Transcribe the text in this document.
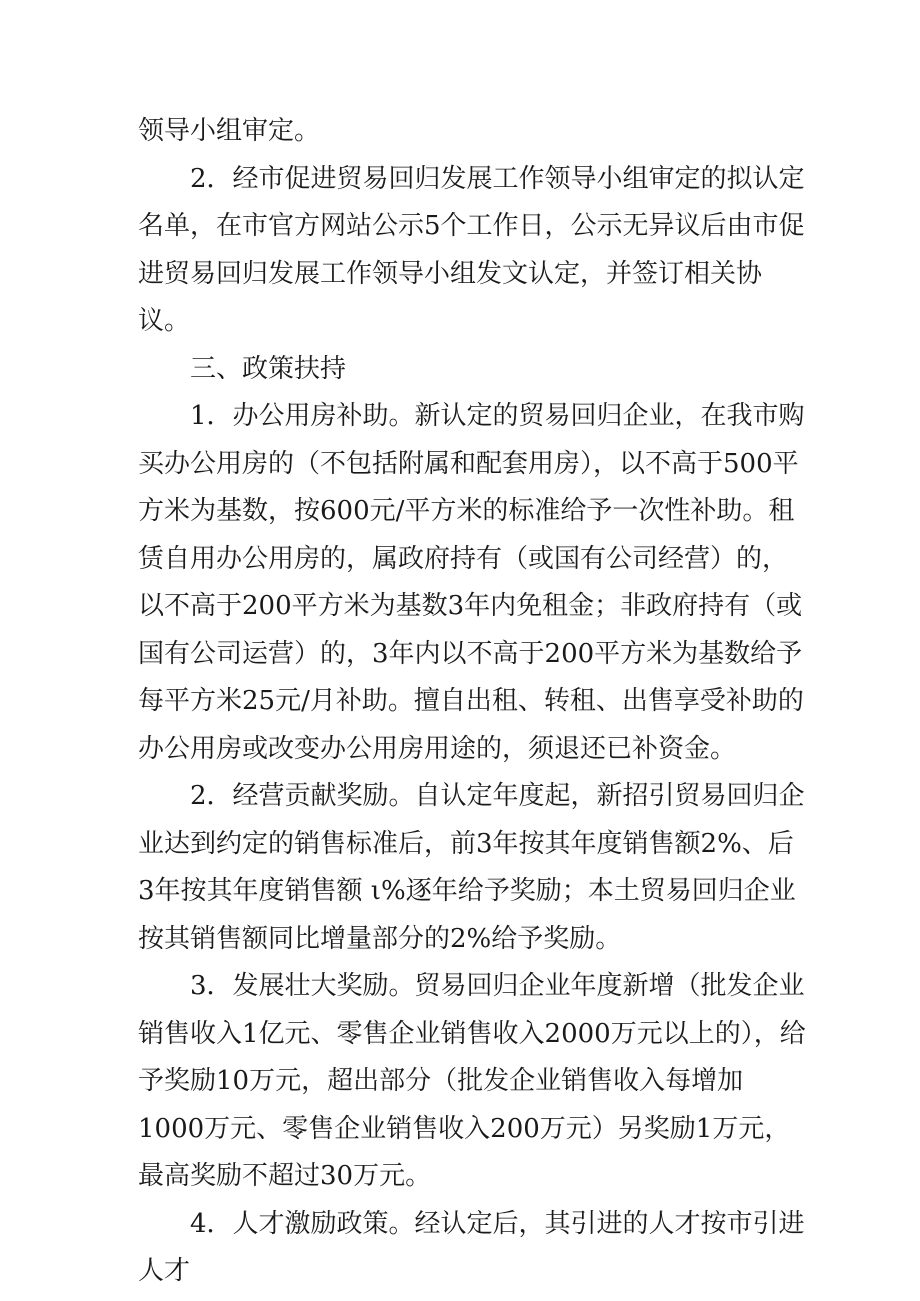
领导小组审定。

2．经市促进贸易回归发展工作领导小组审定的拟认定名单，在市官方网站公示5个工作日，公示无异议后由市促进贸易回归发展工作领导小组发文认定，并签订相关协议。

三、政策扶持

1．办公用房补助。新认定的贸易回归企业，在我市购买办公用房的（不包括附属和配套用房），以不高于500平方米为基数，按600元/平方米的标准给予一次性补助。租赁自用办公用房的，属政府持有（或国有公司经营）的，以不高于200平方米为基数3年内免租金；非政府持有（或国有公司运营）的，3年内以不高于200平方米为基数给予每平方米25元/月补助。擅自出租、转租、出售享受补助的办公用房或改变办公用房用途的，须退还已补资金。

2．经营贡献奖励。自认定年度起，新招引贸易回归企业达到约定的销售标准后，前3年按其年度销售额2%、后3年按其年度销售额 ι%逐年给予奖励；本土贸易回归企业按其销售额同比增量部分的2%给予奖励。

3．发展壮大奖励。贸易回归企业年度新增（批发企业销售收入1亿元、零售企业销售收入2000万元以上的），给予奖励10万元，超出部分（批发企业销售收入每增加1000万元、零售企业销售收入200万元）另奖励1万元，最高奖励不超过30万元。

4．人才激励政策。经认定后，其引进的人才按市引进人才
